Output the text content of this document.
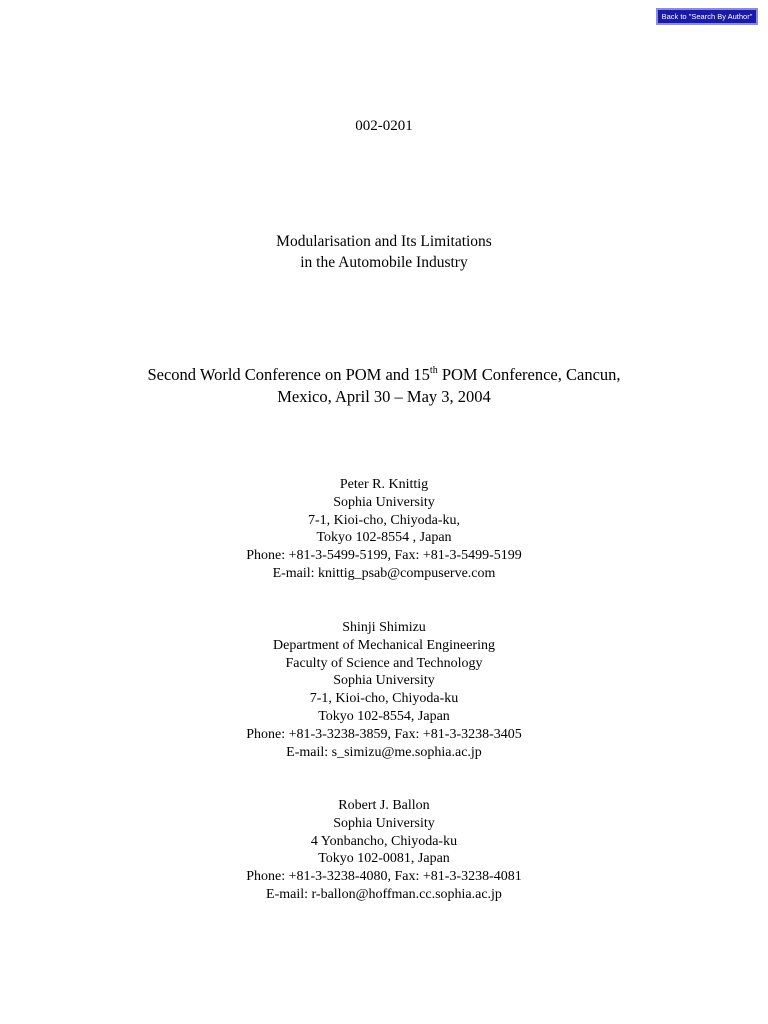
Back to "Search By Author"
002-0201
Modularisation and Its Limitations
in the Automobile Industry
Second World Conference on POM and 15th POM Conference, Cancun,
Mexico, April 30 – May 3, 2004
Peter R. Knittig
Sophia University
7-1, Kioi-cho, Chiyoda-ku,
Tokyo 102-8554 , Japan
Phone: +81-3-5499-5199, Fax: +81-3-5499-5199
E-mail: knittig_psab@compuserve.com
Shinji Shimizu
Department of Mechanical Engineering
Faculty of Science and Technology
Sophia University
7-1, Kioi-cho, Chiyoda-ku
Tokyo 102-8554, Japan
Phone: +81-3-3238-3859, Fax: +81-3-3238-3405
E-mail: s_simizu@me.sophia.ac.jp
Robert J. Ballon
Sophia University
4 Yonbancho, Chiyoda-ku
Tokyo 102-0081, Japan
Phone: +81-3-3238-4080, Fax: +81-3-3238-4081
E-mail: r-ballon@hoffman.cc.sophia.ac.jp
